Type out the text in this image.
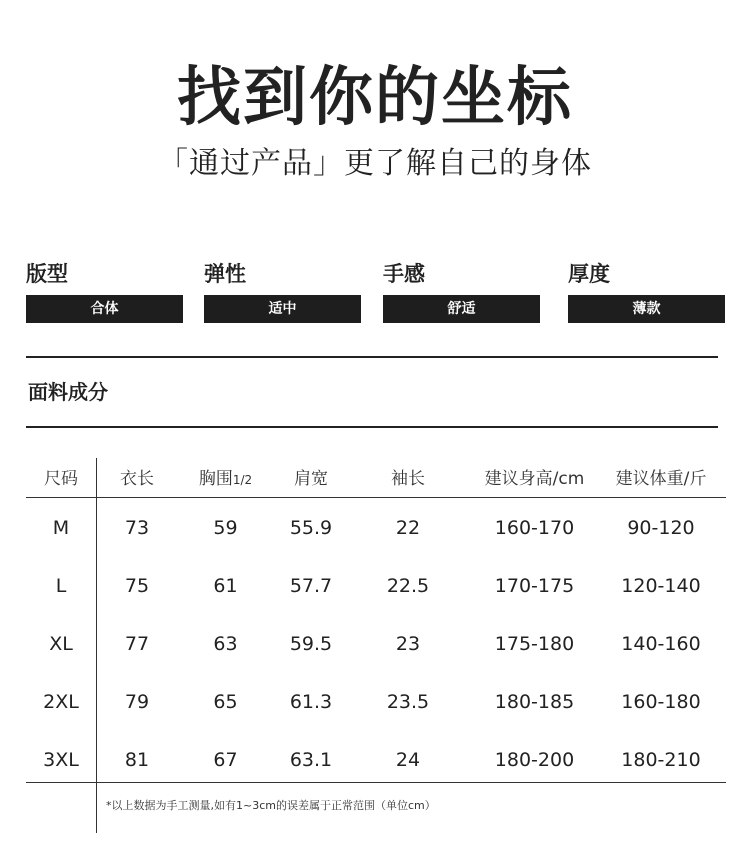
找到你的坐标
「通过产品」更了解自己的身体
版型
合体
弹性
适中
手感
舒适
厚度
薄款
面料成分
尺码	衣长	胸围1/2	肩宽	袖长	建议身高/cm	建议体重/斤
M	73	59	55.9	22	160-170	90-120
L	75	61	57.7	22.5	170-175	120-140
XL	77	63	59.5	23	175-180	140-160
2XL	79	65	61.3	23.5	180-185	160-180
3XL	81	67	63.1	24	180-200	180-210
*以上数据为手工测量,如有1~3cm的误差属于正常范围（单位cm）
